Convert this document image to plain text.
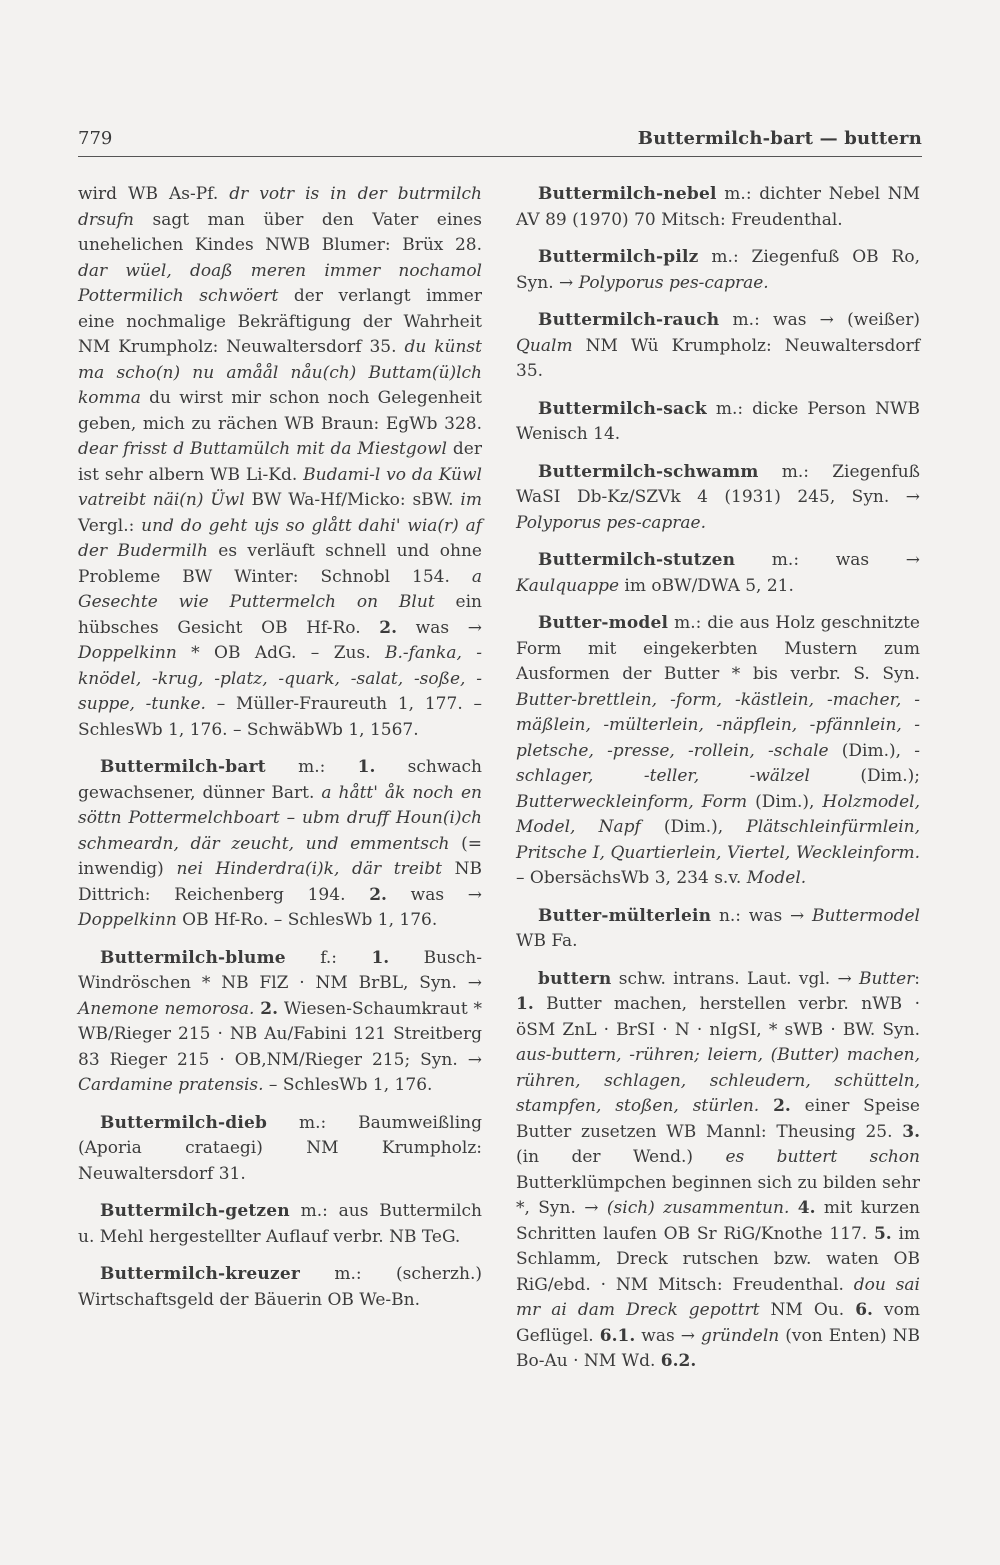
779	Buttermilch-bart — buttern
wird WB As-Pf. dr votr is in der butrmilch drsufn sagt man über den Vater eines unehelichen Kindes NWB Blumer: Brüx 28. dar wüel, doaß meren immer nochamol Pottermilich schwöert der verlangt immer eine nochmalige Bekräftigung der Wahrheit NM Krumpholz: Neuwaltersdorf 35. du künst ma scho(n) nu amåål nåu(ch) Buttam(ü)lch komma du wirst mir schon noch Gelegenheit geben, mich zu rächen WB Braun: EgWb 328. dear frisst d Buttamülch mit da Miestgowl der ist sehr albern WB Li-Kd. Budami-l vo da Küwl vatreibt näi(n) Üwl BW Wa-Hf/Micko: sBW. im Vergl.: und do geht ujs so glått dahi' wia(r) af der Budermilh es verläuft schnell und ohne Probleme BW Winter: Schnobl 154. a Gesechte wie Puttermelch on Blut ein hübsches Gesicht OB Hf-Ro. 2. was → Doppelkinn * OB AdG. – Zus. B.-fanka, -knödel, -krug, -platz, -quark, -salat, -soße, -suppe, -tunke. – Müller-Fraureuth 1, 177. – SchlesWb 1, 176. – SchwäbWb 1, 1567.
Buttermilch-bart m.: 1. schwach gewachsener, dünner Bart. a hått' åk noch en söttn Pottermelchboart – ubm druff Houn(i)ch schmeardn, där zeucht, und emmentsch (= inwendig) nei Hinderdra(i)k, där treibt NB Dittrich: Reichenberg 194. 2. was → Doppelkinn OB Hf-Ro. – SchlesWb 1, 176.
Buttermilch-blume f.: 1. Busch-Windröschen * NB FlZ · NM BrBL, Syn. → Anemone nemorosa. 2. Wiesen-Schaumkraut * WB/Rieger 215 · NB Au/Fabini 121 Streitberg 83 Rieger 215 · OB,NM/Rieger 215; Syn. → Cardamine pratensis. – SchlesWb 1, 176.
Buttermilch-dieb m.: Baumweißling (Aporia crataegi) NM Krumpholz: Neuwaltersdorf 31.
Buttermilch-getzen m.: aus Buttermilch u. Mehl hergestellter Auflauf verbr. NB TeG.
Buttermilch-kreuzer m.: (scherzh.) Wirtschaftsgeld der Bäuerin OB We-Bn.
Buttermilch-nebel m.: dichter Nebel NM AV 89 (1970) 70 Mitsch: Freudenthal.
Buttermilch-pilz m.: Ziegenfuß OB Ro, Syn. → Polyporus pes-caprae.
Buttermilch-rauch m.: was → (weißer) Qualm NM Wü Krumpholz: Neuwaltersdorf 35.
Buttermilch-sack m.: dicke Person NWB Wenisch 14.
Buttermilch-schwamm m.: Ziegenfuß WaSI Db-Kz/SZVk 4 (1931) 245, Syn. → Polyporus pes-caprae.
Buttermilch-stutzen m.: was → Kaulquappe im oBW/DWA 5, 21.
Butter-model m.: die aus Holz geschnitzte Form mit eingekerbten Mustern zum Ausformen der Butter * bis verbr. S. Syn. Butter-brettlein, -form, -kästlein, -macher, -mäßlein, -mülterlein, -näpflein, -pfännlein, -pletsche, -presse, -rollein, -schale (Dim.), -schlager, -teller, -wälzel (Dim.); Butterweckleinform, Form (Dim.), Holzmodel, Model, Napf (Dim.), Plätschleinfürmlein, Pritsche I, Quartierlein, Viertel, Weckleinform. – ObersächsWb 3, 234 s.v. Model.
Butter-mülterlein n.: was → Buttermodel WB Fa.
buttern schw. intrans. Laut. vgl. → Butter: 1. Butter machen, herstellen verbr. nWB · öSM ZnL · BrSI · N · nIgSI, * sWB · BW. Syn. aus-buttern, -rühren; leiern, (Butter) machen, rühren, schlagen, schleudern, schütteln, stampfen, stoßen, stürlen. 2. einer Speise Butter zusetzen WB Mannl: Theusing 25. 3. (in der Wend.) es buttert schon Butterklümpchen beginnen sich zu bilden sehr *, Syn. → (sich) zusammentun. 4. mit kurzen Schritten laufen OB Sr RiG/Knothe 117. 5. im Schlamm, Dreck rutschen bzw. waten OB RiG/ebd. · NM Mitsch: Freudenthal. dou sai mr ai dam Dreck gepottrt NM Ou. 6. vom Geflügel. 6.1. was → gründeln (von Enten) NB Bo-Au · NM Wd. 6.2.
